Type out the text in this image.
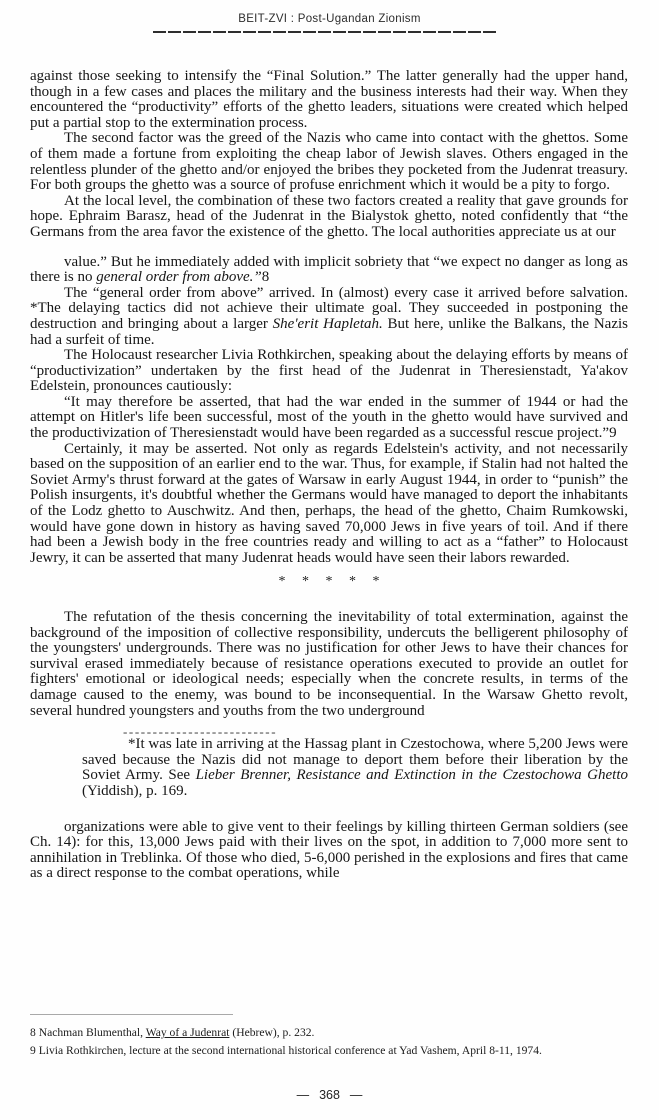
BEIT-ZVI : Post-Ugandan Zionism

against those seeking to intensify the “Final Solution.” The latter generally had the upper hand, though in a few cases and places the military and the business interests had their way. When they encountered the “productivity” efforts of the ghetto leaders, situations were created which helped put a partial stop to the extermination process.

The second factor was the greed of the Nazis who came into contact with the ghettos. Some of them made a fortune from exploiting the cheap labor of Jewish slaves. Others engaged in the relentless plunder of the ghetto and/or enjoyed the bribes they pocketed from the Judenrat treasury. For both groups the ghetto was a source of profuse enrichment which it would be a pity to forgo.

At the local level, the combination of these two factors created a reality that gave grounds for hope. Ephraim Barasz, head of the Judenrat in the Bialystok ghetto, noted confidently that “the Germans from the area favor the existence of the ghetto. The local authorities appreciate us at our

value.” But he immediately added with implicit sobriety that “we expect no danger as long as there is no general order from above.”8

The “general order from above” arrived. In (almost) every case it arrived before salvation. *The delaying tactics did not achieve their ultimate goal. They succeeded in postponing the destruction and bringing about a larger She'erit Hapletah. But here, unlike the Balkans, the Nazis had a surfeit of time.

The Holocaust researcher Livia Rothkirchen, speaking about the delaying efforts by means of “productivization” undertaken by the first head of the Judenrat in Theresienstadt, Ya'akov Edelstein, pronounces cautiously:

“It may therefore be asserted, that had the war ended in the summer of 1944 or had the attempt on Hitler's life been successful, most of the youth in the ghetto would have survived and the productivization of Theresienstadt would have been regarded as a successful rescue project.”9

Certainly, it may be asserted. Not only as regards Edelstein's activity, and not necessarily based on the supposition of an earlier end to the war. Thus, for example, if Stalin had not halted the Soviet Army's thrust forward at the gates of Warsaw in early August 1944, in order to “punish” the Polish insurgents, it's doubtful whether the Germans would have managed to deport the inhabitants of the Lodz ghetto to Auschwitz. And then, perhaps, the head of the ghetto, Chaim Rumkowski, would have gone down in history as having saved 70,000 Jews in five years of toil. And if there had been a Jewish body in the free countries ready and willing to act as a “father” to Holocaust Jewry, it can be asserted that many Judenrat heads would have seen their labors rewarded.

* * * * *

The refutation of the thesis concerning the inevitability of total extermination, against the background of the imposition of collective responsibility, undercuts the belligerent philosophy of the youngsters' undergrounds. There was no justification for other Jews to have their chances for survival erased immediately because of resistance operations executed to provide an outlet for fighters' emotional or ideological needs; especially when the concrete results, in terms of the damage caused to the enemy, was bound to be inconsequential. In the Warsaw Ghetto revolt, several hundred youngsters and youths from the two underground

--------------------------

*It was late in arriving at the Hassag plant in Czestochowa, where 5,200 Jews were saved because the Nazis did not manage to deport them before their liberation by the Soviet Army. See Lieber Brenner, Resistance and Extinction in the Czestochowa Ghetto (Yiddish), p. 169.

organizations were able to give vent to their feelings by killing thirteen German soldiers (see Ch. 14): for this, 13,000 Jews paid with their lives on the spot, in addition to 7,000 more sent to annihilation in Treblinka. Of those who died, 5-6,000 perished in the explosions and fires that came as a direct response to the combat operations, while

8 Nachman Blumenthal, Way of a Judenrat (Hebrew), p. 232.

9 Livia Rothkirchen, lecture at the second international historical conference at Yad Vashem, April 8-11, 1974.

— 368 —
